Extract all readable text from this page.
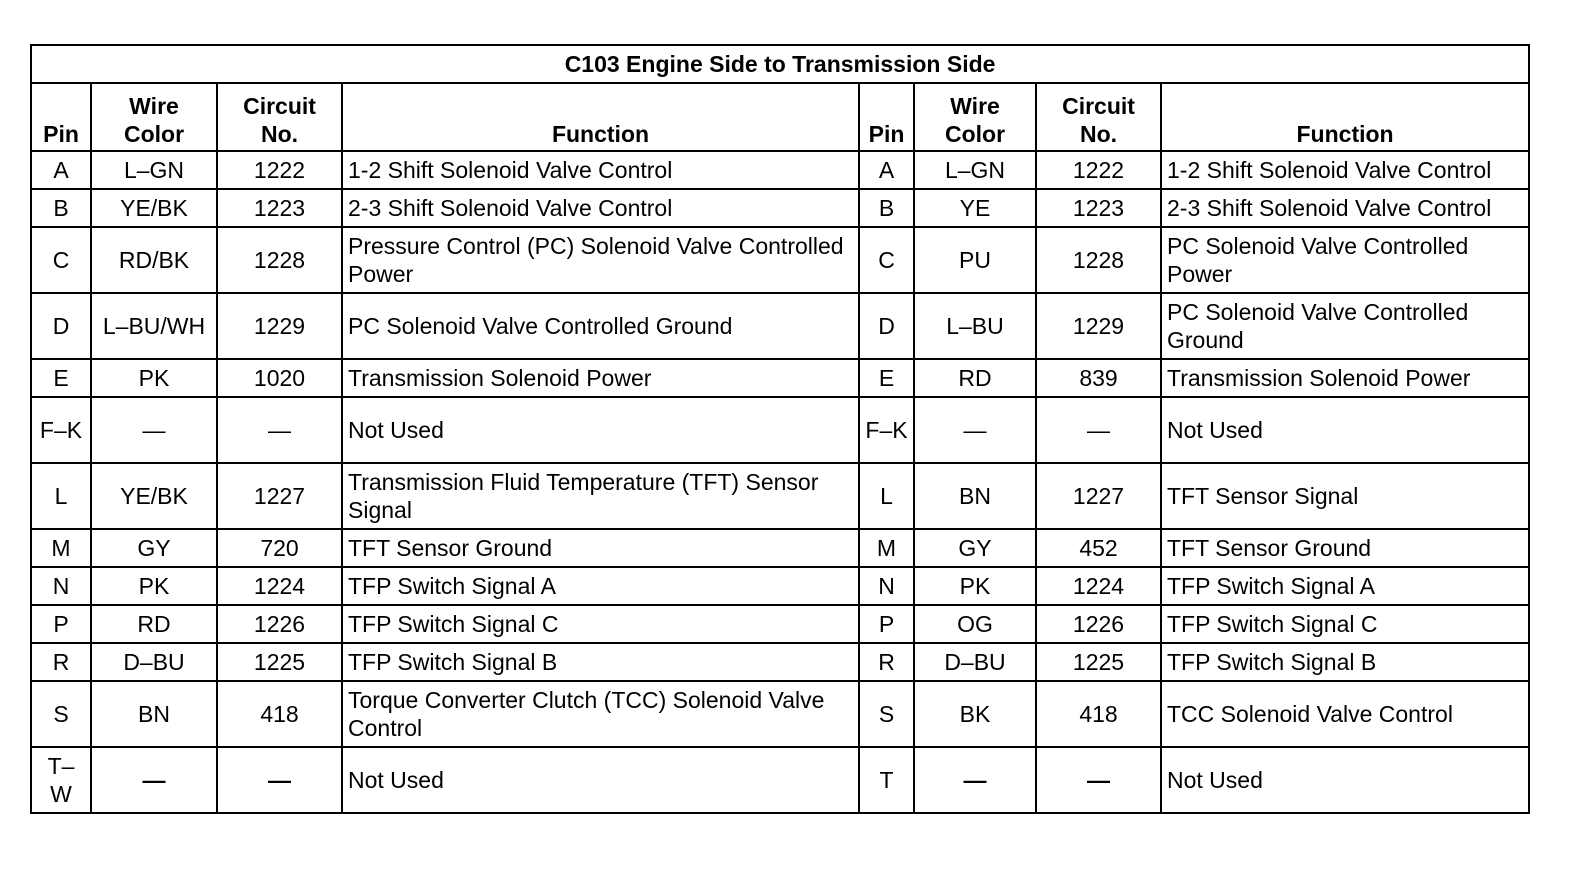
C103 Engine Side to Transmission Side							
Pin	Wire Color	Circuit No.	Function	Pin	Wire Color	Circuit No.	Function
A	L–GN	1222	1-2 Shift Solenoid Valve Control	A	L–GN	1222	1-2 Shift Solenoid Valve Control
B	YE/BK	1223	2-3 Shift Solenoid Valve Control	B	YE	1223	2-3 Shift Solenoid Valve Control
C	RD/BK	1228	Pressure Control (PC) Solenoid Valve Controlled Power	C	PU	1228	PC Solenoid Valve Controlled Power
D	L–BU/WH	1229	PC Solenoid Valve Controlled Ground	D	L–BU	1229	PC Solenoid Valve Controlled Ground
E	PK	1020	Transmission Solenoid Power	E	RD	839	Transmission Solenoid Power
F–K	—	—	Not Used	F–K	—	—	Not Used
L	YE/BK	1227	Transmission Fluid Temperature (TFT) Sensor Signal	L	BN	1227	TFT Sensor Signal
M	GY	720	TFT Sensor Ground	M	GY	452	TFT Sensor Ground
N	PK	1224	TFP Switch Signal A	N	PK	1224	TFP Switch Signal A
P	RD	1226	TFP Switch Signal C	P	OG	1226	TFP Switch Signal C
R	D–BU	1225	TFP Switch Signal B	R	D–BU	1225	TFP Switch Signal B
S	BN	418	Torque Converter Clutch (TCC) Solenoid Valve Control	S	BK	418	TCC Solenoid Valve Control
T–W	—	—	Not Used	T	—	—	Not Used
